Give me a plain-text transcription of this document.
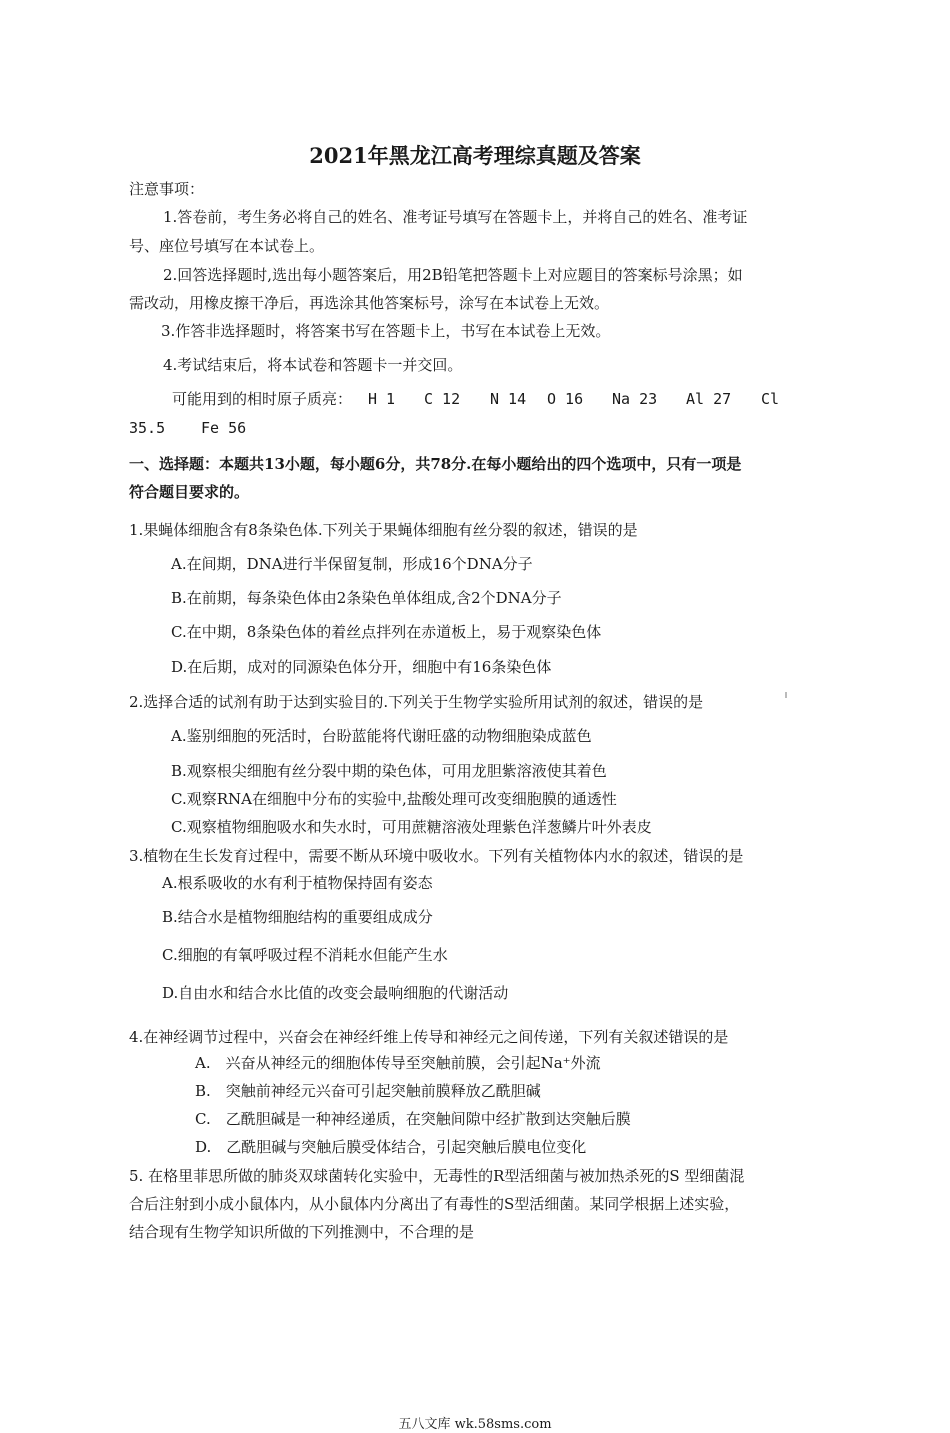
2021年黑龙江高考理综真题及答案
注意事项：
1.答卷前，考生务必将自己的姓名、准考证号填写在答题卡上，并将自己的姓名、准考证
号、座位号填写在本试卷上。
2.回答选择题时,选出每小题答案后，用2B铅笔把答题卡上对应题目的答案标号涂黑；如
需改动，用橡皮擦干净后，再选涂其他答案标号，涂写在本试卷上无效。
3.作答非选择题时，将答案书写在答题卡上，书写在本试卷上无效。
4.考试结束后，将本试卷和答题卡一并交回。
可能用到的相时原子质亮： H 1 C 12 N 14 O 16 Na 23 Al 27 Cl
35.5 Fe 56
一、选择题：本题共13小题，每小题6分，共78分.在每小题给出的四个选项中，只有一项是
符合题目要求的。
1.果蝇体细胞含有8条染色体.下列关于果蝇体细胞有丝分裂的叙述，错误的是
A.在间期，DNA进行半保留复制，形成16个DNA分子
B.在前期，每条染色体由2条染色单体组成,含2个DNA分子
C.在中期，8条染色体的着丝点拌列在赤道板上，易于观察染色体
D.在后期，成对的同源染色体分开，细胞中有16条染色体
2.选择合适的试剂有助于达到实验目的.下列关于生物学实验所用试剂的叙述，错误的是
A.鉴别细胞的死活时，台盼蓝能将代谢旺盛的动物细胞染成蓝色
B.观察根尖细胞有丝分裂中期的染色体，可用龙胆紫溶液使其着色
C.观察RNA在细胞中分布的实验中,盐酸处理可改变细胞膜的通透性
C.观察植物细胞吸水和失水时，可用蔗糖溶液处理紫色洋葱鳞片叶外表皮
3.植物在生长发育过程中，需要不断从环境中吸收水。下列有关植物体内水的叙述，错误的是
A.根系吸收的水有利于植物保持固有姿态
B.结合水是植物细胞结构的重要组成成分
C.细胞的有氧呼吸过程不消耗水但能产生水
D.自由水和结合水比值的改变会最响细胞的代谢活动
4.在神经调节过程中，兴奋会在神经纤维上传导和神经元之间传递，下列有关叙述错误的是
A.　兴奋从神经元的细胞体传导至突触前膜，会引起Na⁺外流
B.　突触前神经元兴奋可引起突触前膜释放乙酰胆碱
C.　乙酰胆碱是一种神经递质，在突触间隙中经扩散到达突触后膜
D.　乙酰胆碱与突触后膜受体结合，引起突触后膜电位变化
5. 在格里菲思所做的肺炎双球菌转化实验中，无毒性的R型活细菌与被加热杀死的S 型细菌混
合后注射到小成小鼠体内，从小鼠体内分离出了有毒性的S型活细菌。某同学根据上述实验，
结合现有生物学知识所做的下列推测中，不合理的是
五八文库 wk.58sms.com
